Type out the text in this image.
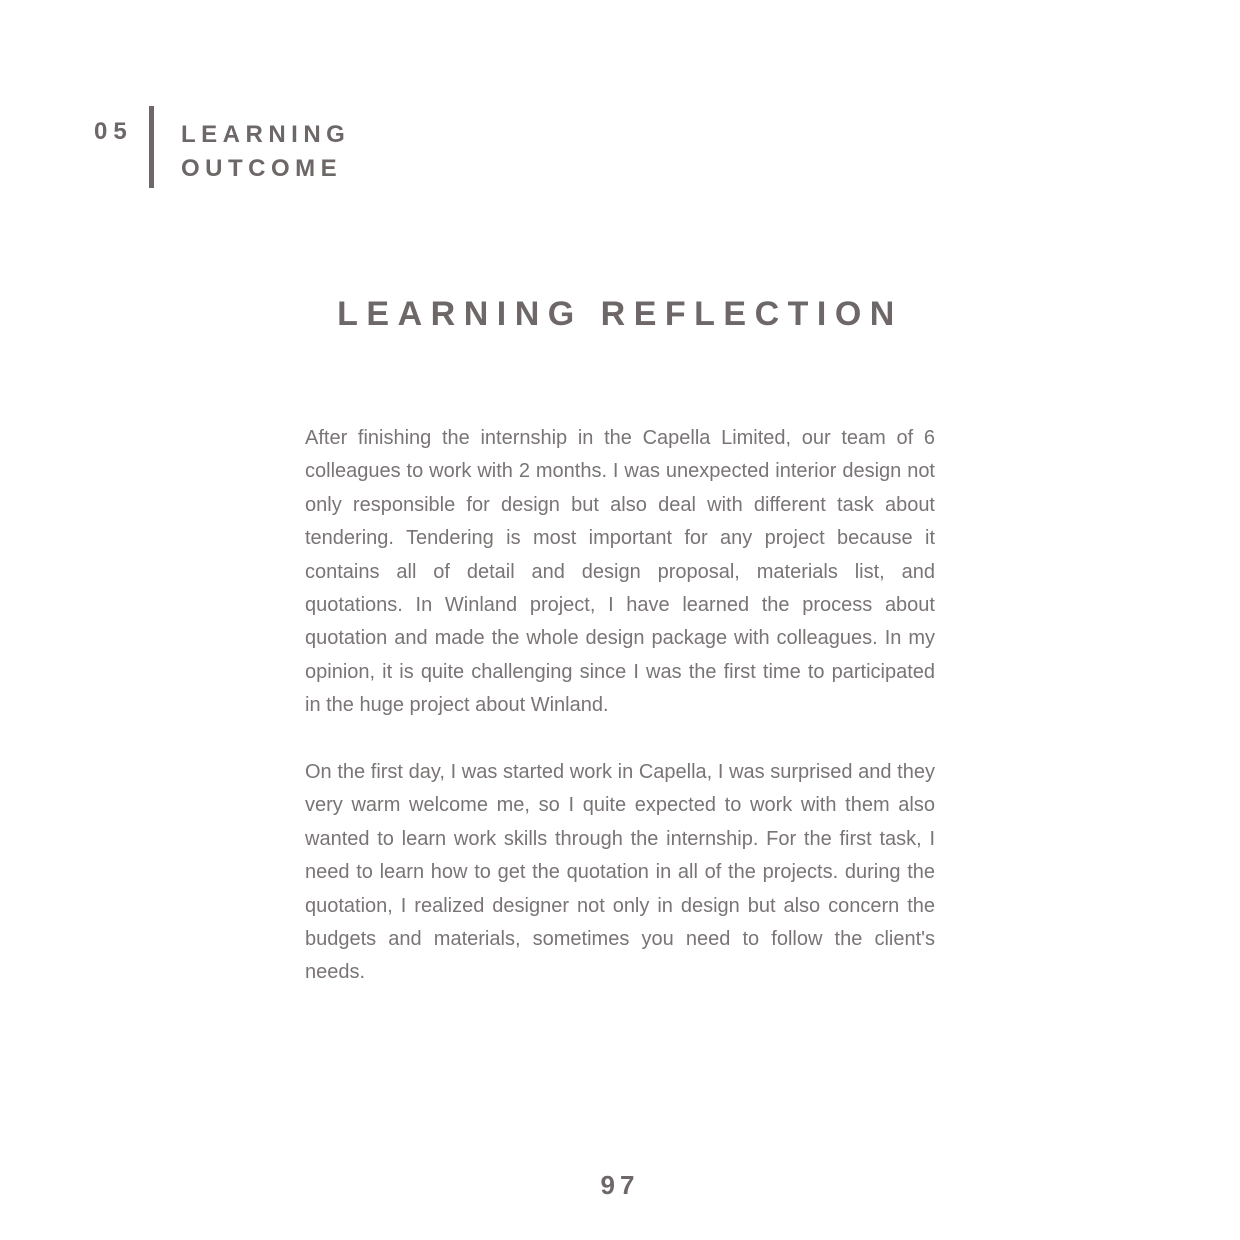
05 LEARNING
OUTCOME
LEARNING REFLECTION

After finishing the internship in the Capella Limited, our team of 6 colleagues to work with 2 months. I was unexpected interior design not only responsible for design but also deal with different task about tendering. Tendering is most important for any project because it contains all of detail and design proposal, materials list, and quotations. In Winland project, I have learned the process about quotation and made the whole design package with colleagues. In my opinion, it is quite challenging since I was the first time to participated in the huge project about Winland.

On the first day, I was started work in Capella, I was surprised and they very warm welcome me, so I quite expected to work with them also wanted to learn work skills through the internship. For the first task, I need to learn how to get the quotation in all of the projects. during the quotation, I realized designer not only in design but also concern the budgets and materials, sometimes you need to follow the client's needs.

97
